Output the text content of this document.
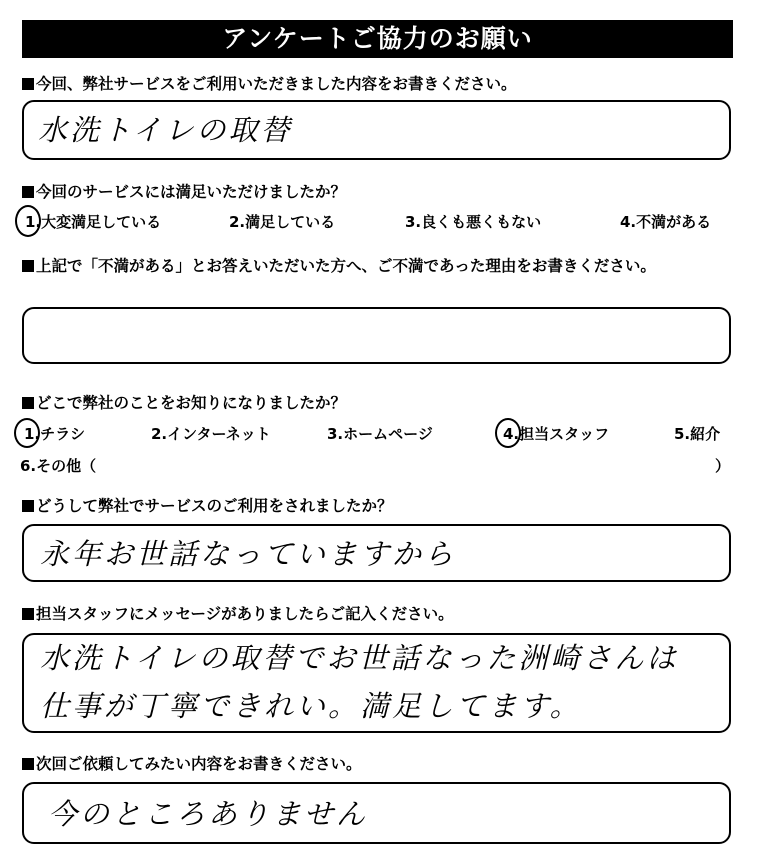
アンケートご協力のお願い
今回、弊社サービスをご利用いただきました内容をお書きください。
水洗トイレの取替
今回のサービスには満足いただけましたか？
1.大変満足している	2.満足している	3.良くも悪くもない	4.不満がある
上記で「不満がある」とお答えいただいた方へ、ご不満であった理由をお書きください。
どこで弊社のことをお知りになりましたか？
1.チラシ	2.インターネット	3.ホームページ	4.担当スタッフ	5.紹介
6.その他（	）
どうして弊社でサービスのご利用をされましたか？
永年お世話なっていますから
担当スタッフにメッセージがありましたらご記入ください。
水洗トイレの取替でお世話なった洲崎さんは
仕事が丁寧できれい。満足してます。
次回ご依頼してみたい内容をお書きください。
今のところありません
